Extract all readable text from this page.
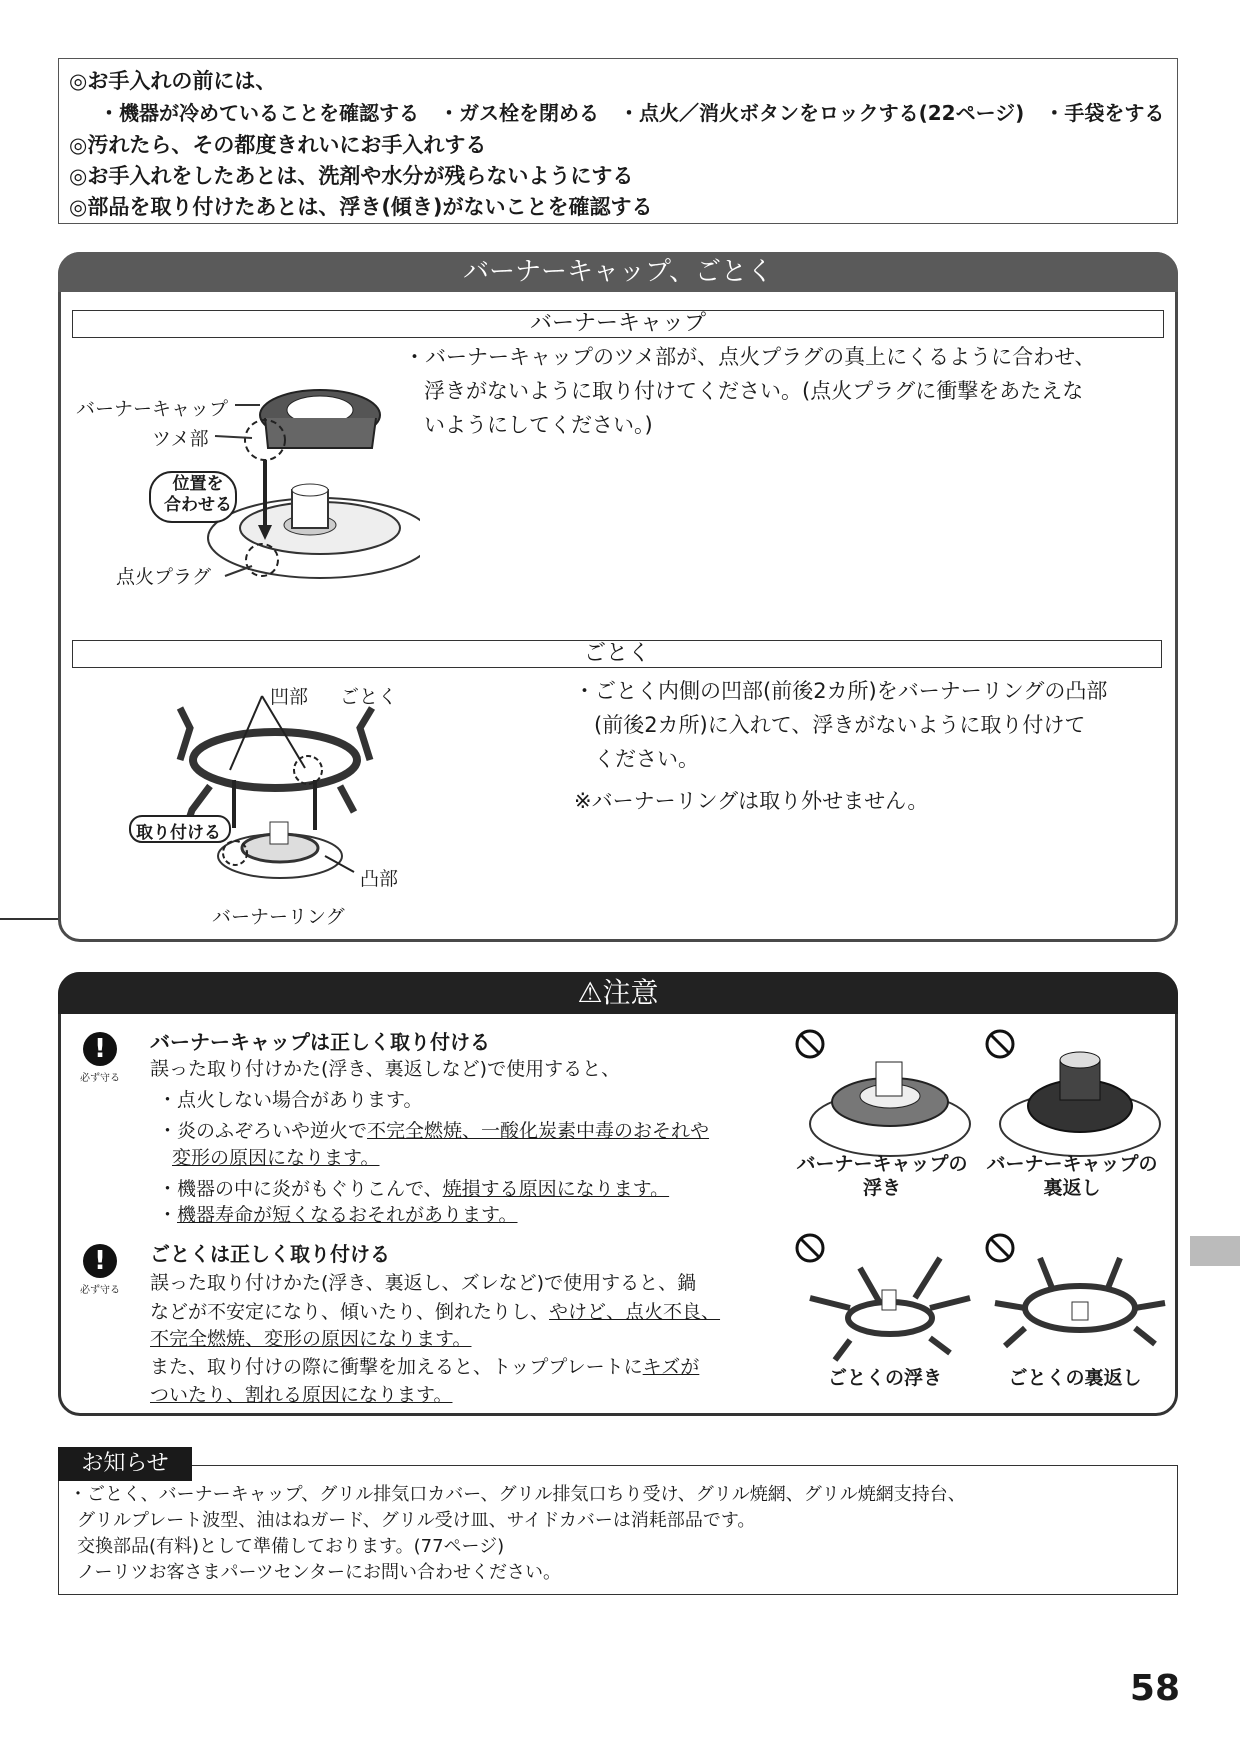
◎お手入れの前には、
・機器が冷めていることを確認する　・ガス栓を閉める　・点火／消火ボタンをロックする(22ページ)　・手袋をする
◎汚れたら、その都度きれいにお手入れする
◎お手入れをしたあとは、洗剤や水分が残らないようにする
◎部品を取り付けたあとは、浮き(傾き)がないことを確認する
バーナーキャップ、ごとく
バーナーキャップ
・バーナーキャップのツメ部が、点火プラグの真上にくるように合わせ、
浮きがないように取り付けてください。(点火プラグに衝撃をあたえな
いようにしてください。)
バーナーキャップ
ツメ部
位置を
合わせる
点火プラグ
ごとく
・ごとく内側の凹部(前後2カ所)をバーナーリングの凸部
(前後2カ所)に入れて、浮きがないように取り付けて
ください。
※バーナーリングは取り外せません。
凹部 ごとく
取り付ける
凸部
バーナーリング
⚠注意
!
必ず守る
バーナーキャップは正しく取り付ける
誤った取り付けかた(浮き、裏返しなど)で使用すると、
・点火しない場合があります。
・炎のふぞろいや逆火で不完全燃焼、一酸化炭素中毒のおそれや
変形の原因になります。
・機器の中に炎がもぐりこんで、焼損する原因になります。
・機器寿命が短くなるおそれがあります。
!
必ず守る
ごとくは正しく取り付ける
誤った取り付けかた(浮き、裏返し、ズレなど)で使用すると、鍋
などが不安定になり、傾いたり、倒れたりし、やけど、点火不良、
不完全燃焼、変形の原因になります。
また、取り付けの際に衝撃を加えると、トッププレートにキズが
ついたり、割れる原因になります。
バーナーキャップの
浮き
バーナーキャップの
裏返し
ごとくの浮き	ごとくの裏返し
・ごとく、バーナーキャップ、グリル排気口カバー、グリル排気口ちり受け、グリル焼網、グリル焼網支持台、
グリルプレート波型、油はねガード、グリル受け皿、サイドカバーは消耗部品です。
交換部品(有料)として準備しております。(77ページ)
ノーリツお客さまパーツセンターにお問い合わせください。
お知らせ
58
